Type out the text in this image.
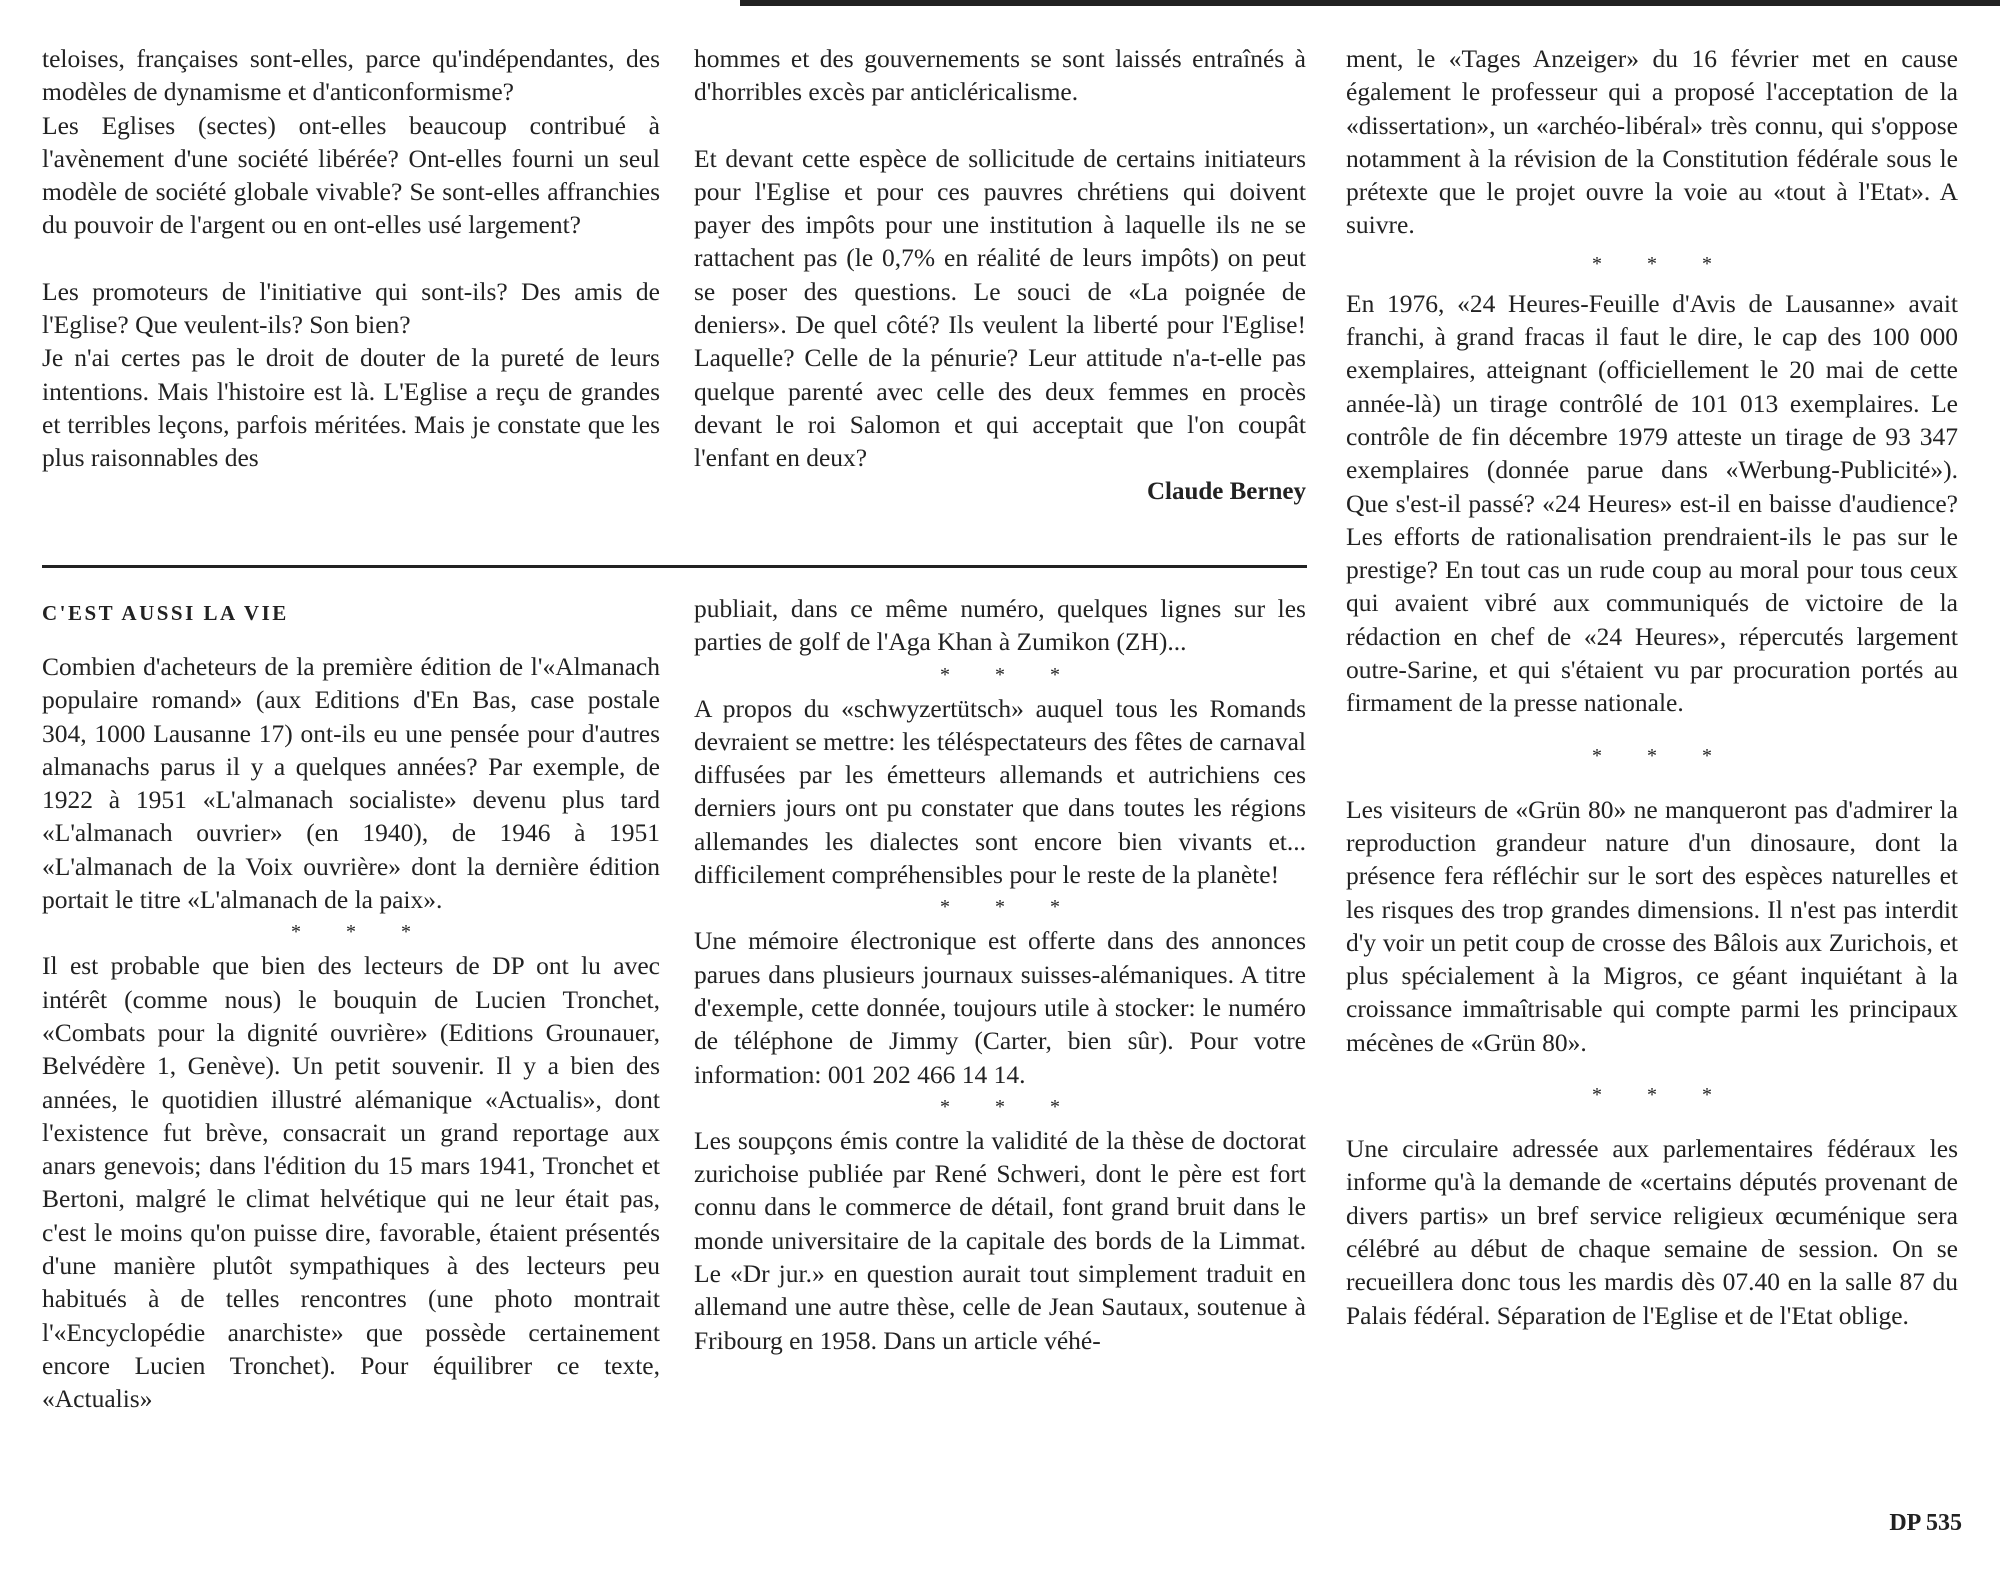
teloises, françaises sont-elles, parce qu'indépendantes, des modèles de dynamisme et d'anticonformisme?

Les Eglises (sectes) ont-elles beaucoup contribué à l'avènement d'une société libérée? Ont-elles fourni un seul modèle de société globale vivable? Se sont-elles affranchies du pouvoir de l'argent ou en ont-elles usé largement?

Les promoteurs de l'initiative qui sont-ils? Des amis de l'Eglise? Que veulent-ils? Son bien?

Je n'ai certes pas le droit de douter de la pureté de leurs intentions. Mais l'histoire est là. L'Eglise a reçu de grandes et terribles leçons, parfois méritées. Mais je constate que les plus raisonnables des

hommes et des gouvernements se sont laissés entraînés à d'horribles excès par anticléricalisme.

Et devant cette espèce de sollicitude de certains initiateurs pour l'Eglise et pour ces pauvres chrétiens qui doivent payer des impôts pour une institution à laquelle ils ne se rattachent pas (le 0,7% en réalité de leurs impôts) on peut se poser des questions. Le souci de «La poignée de deniers». De quel côté? Ils veulent la liberté pour l'Eglise! Laquelle? Celle de la pénurie? Leur attitude n'a-t-elle pas quelque parenté avec celle des deux femmes en procès devant le roi Salomon et qui acceptait que l'on coupât l'enfant en deux?

Claude Berney

C'EST AUSSI LA VIE

Combien d'acheteurs de la première édition de l'«Almanach populaire romand» (aux Editions d'En Bas, case postale 304, 1000 Lausanne 17) ont-ils eu une pensée pour d'autres almanachs parus il y a quelques années? Par exemple, de 1922 à 1951 «L'almanach socialiste» devenu plus tard «L'almanach ouvrier» (en 1940), de 1946 à 1951 «L'almanach de la Voix ouvrière» dont la dernière édition portait le titre «L'almanach de la paix».

* * *

Il est probable que bien des lecteurs de DP ont lu avec intérêt (comme nous) le bouquin de Lucien Tronchet, «Combats pour la dignité ouvrière» (Editions Grounauer, Belvédère 1, Genève). Un petit souvenir. Il y a bien des années, le quotidien illustré alémanique «Actualis», dont l'existence fut brève, consacrait un grand reportage aux anars genevois; dans l'édition du 15 mars 1941, Tronchet et Bertoni, malgré le climat helvétique qui ne leur était pas, c'est le moins qu'on puisse dire, favorable, étaient présentés d'une manière plutôt sympathiques à des lecteurs peu habitués à de telles rencontres (une photo montrait l'«Encyclopédie anarchiste» que possède certainement encore Lucien Tronchet). Pour équilibrer ce texte, «Actualis»

publiait, dans ce même numéro, quelques lignes sur les parties de golf de l'Aga Khan à Zumikon (ZH)...

* * *

A propos du «schwyzertütsch» auquel tous les Romands devraient se mettre: les téléspectateurs des fêtes de carnaval diffusées par les émetteurs allemands et autrichiens ces derniers jours ont pu constater que dans toutes les régions allemandes les dialectes sont encore bien vivants et... difficilement compréhensibles pour le reste de la planète!

* * *

Une mémoire électronique est offerte dans des annonces parues dans plusieurs journaux suisses-alémaniques. A titre d'exemple, cette donnée, toujours utile à stocker: le numéro de téléphone de Jimmy (Carter, bien sûr). Pour votre information: 001 202 466 14 14.

* * *

Les soupçons émis contre la validité de la thèse de doctorat zurichoise publiée par René Schweri, dont le père est fort connu dans le commerce de détail, font grand bruit dans le monde universitaire de la capitale des bords de la Limmat. Le «Dr jur.» en question aurait tout simplement traduit en allemand une autre thèse, celle de Jean Sautaux, soutenue à Fribourg en 1958. Dans un article véhé-

ment, le «Tages Anzeiger» du 16 février met en cause également le professeur qui a proposé l'acceptation de la «dissertation», un «archéo-libéral» très connu, qui s'oppose notamment à la révision de la Constitution fédérale sous le prétexte que le projet ouvre la voie au «tout à l'Etat». A suivre.

* * *

En 1976, «24 Heures-Feuille d'Avis de Lausanne» avait franchi, à grand fracas il faut le dire, le cap des 100 000 exemplaires, atteignant (officiellement le 20 mai de cette année-là) un tirage contrôlé de 101 013 exemplaires. Le contrôle de fin décembre 1979 atteste un tirage de 93 347 exemplaires (donnée parue dans «Werbung-Publicité»). Que s'est-il passé? «24 Heures» est-il en baisse d'audience? Les efforts de rationalisation prendraient-ils le pas sur le prestige? En tout cas un rude coup au moral pour tous ceux qui avaient vibré aux communiqués de victoire de la rédaction en chef de «24 Heures», répercutés largement outre-Sarine, et qui s'étaient vu par procuration portés au firmament de la presse nationale.

* * *

Les visiteurs de «Grün 80» ne manqueront pas d'admirer la reproduction grandeur nature d'un dinosaure, dont la présence fera réfléchir sur le sort des espèces naturelles et les risques des trop grandes dimensions. Il n'est pas interdit d'y voir un petit coup de crosse des Bâlois aux Zurichois, et plus spécialement à la Migros, ce géant inquiétant à la croissance immaîtrisable qui compte parmi les principaux mécènes de «Grün 80».

* * *

Une circulaire adressée aux parlementaires fédéraux les informe qu'à la demande de «certains députés provenant de divers partis» un bref service religieux œcuménique sera célébré au début de chaque semaine de session. On se recueillera donc tous les mardis dès 07.40 en la salle 87 du Palais fédéral. Séparation de l'Eglise et de l'Etat oblige.

DP 535
